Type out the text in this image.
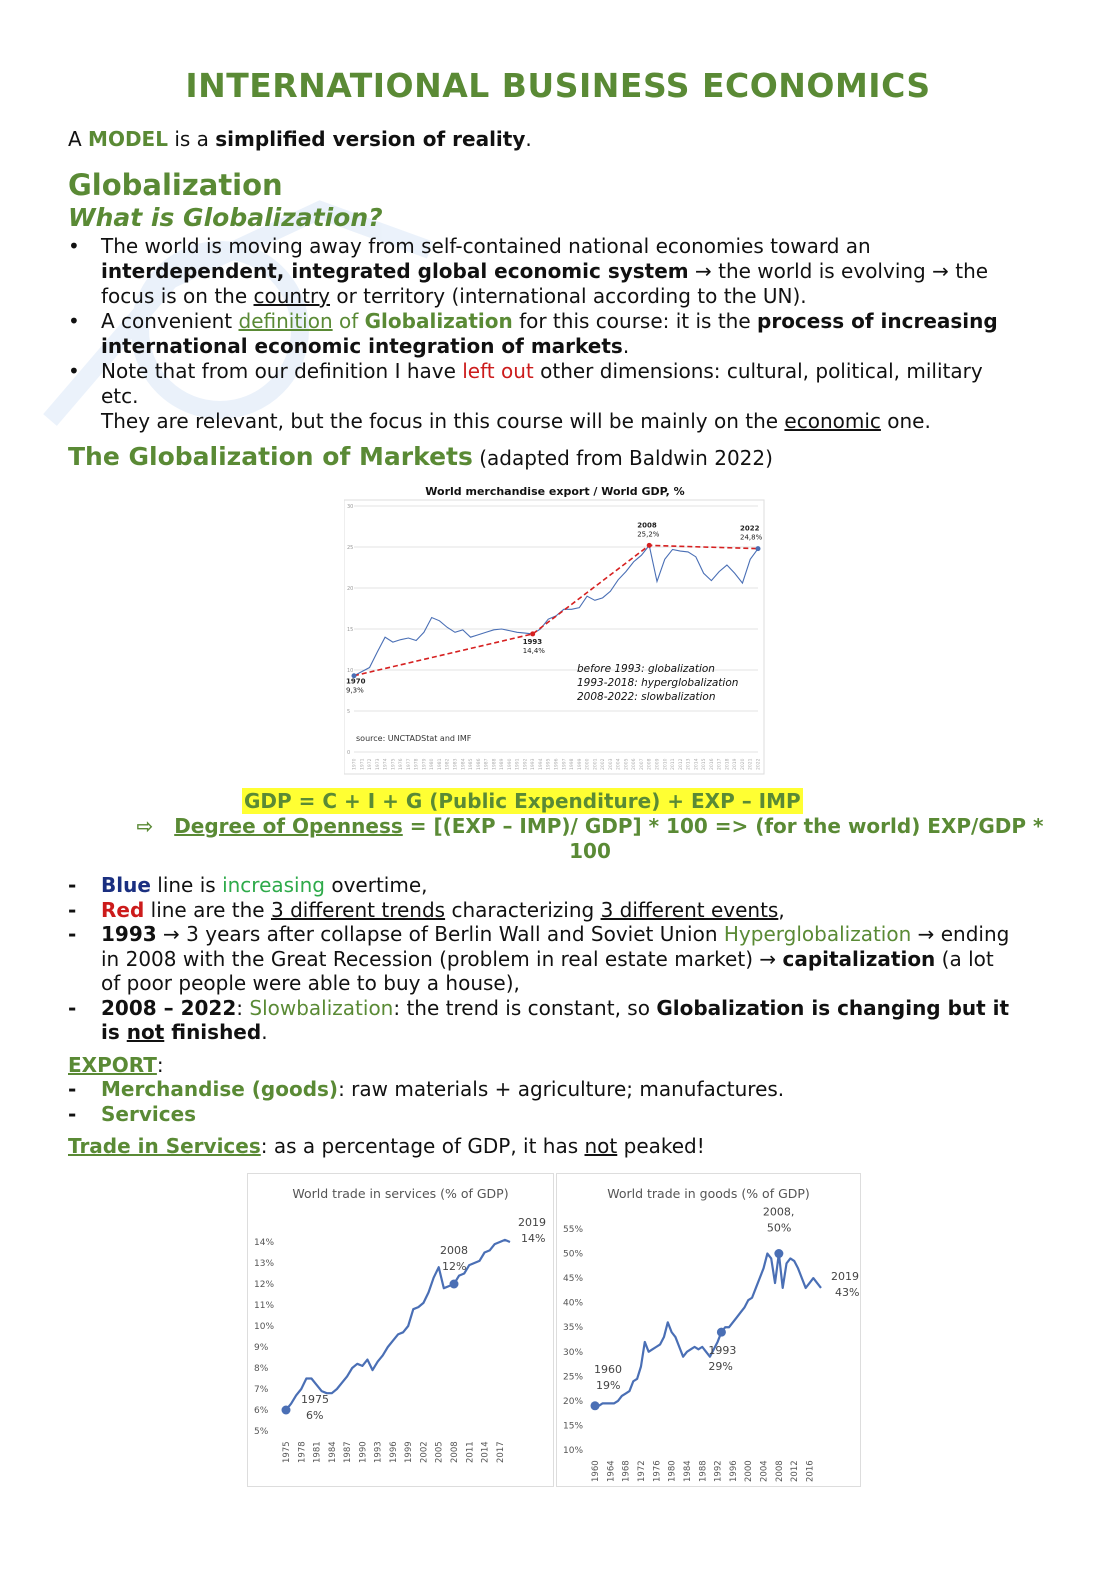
INTERNATIONAL BUSINESS ECONOMICS
A MODEL is a simplified version of reality.
Globalization
What is Globalization?
• The world is moving away from self-contained national economies toward an
interdependent, integrated global economic system → the world is evolving → the
focus is on the country or territory (international according to the UN).
• A convenient definition of Globalization for this course: it is the process of increasing
international economic integration of markets.
• Note that from our definition I have left out other dimensions: cultural, political, military
etc.
They are relevant, but the focus in this course will be mainly on the economic one.
The Globalization of Markets (adapted from Baldwin 2022)
World merchandise export / World GDP, %
0
5
10
15
20
25
30
1970 1971 1972 1973 1974 1975 1976 1977 1978 1979 1980 1981 1982 1983 1984 1985 1986 1987 1988 1989 1990 1991 1992 1993 1994 1995 1996 1997 1998 1999 2000 2001 2002 2003 2004 2005 2006 2007 2008 2009 2010 2011 2012 2013 2014 2015 2016 2017 2018 2019 2020 2021 2022
1970
9,3%
1993
14,4%
2008
25,2%
2022
24,8%
before 1993: globalization
1993-2018: hyperglobalization
2008-2022: slowbalization
source: UNCTADStat and IMF
GDP = C + I + G (Public Expenditure) + EXP – IMP
⇨ Degree of Openness = [(EXP – IMP)/ GDP] * 100 => (for the world) EXP/GDP *
100
- Blue line is increasing overtime,
- Red line are the 3 different trends characterizing 3 different events,
- 1993 → 3 years after collapse of Berlin Wall and Soviet Union Hyperglobalization → ending
in 2008 with the Great Recession (problem in real estate market) → capitalization (a lot
of poor people were able to buy a house),
- 2008 – 2022: Slowbalization: the trend is constant, so Globalization is changing but it
is not finished.
EXPORT:
- Merchandise (goods): raw materials + agriculture; manufactures.
- Services
Trade in Services: as a percentage of GDP, it has not peaked!
World trade in services (% of GDP)
5%
6%
7%
8%
9%
10%
11%
12%
13%
14%
1975 1978 1981 1984 1987 1990 1993 1996 1999 2002 2005 2008 2011 2014 2017
1975
6%
2008
12%
2019
14%
World trade in goods (% of GDP)
10%
15%
20%
25%
30%
35%
40%
45%
50%
55%
1960 1964 1968 1972 1976 1980 1984 1988 1992 1996 2000 2004 2008 2012 2016
1960
19%
1993
29%
2008,
50%
2019
43%
